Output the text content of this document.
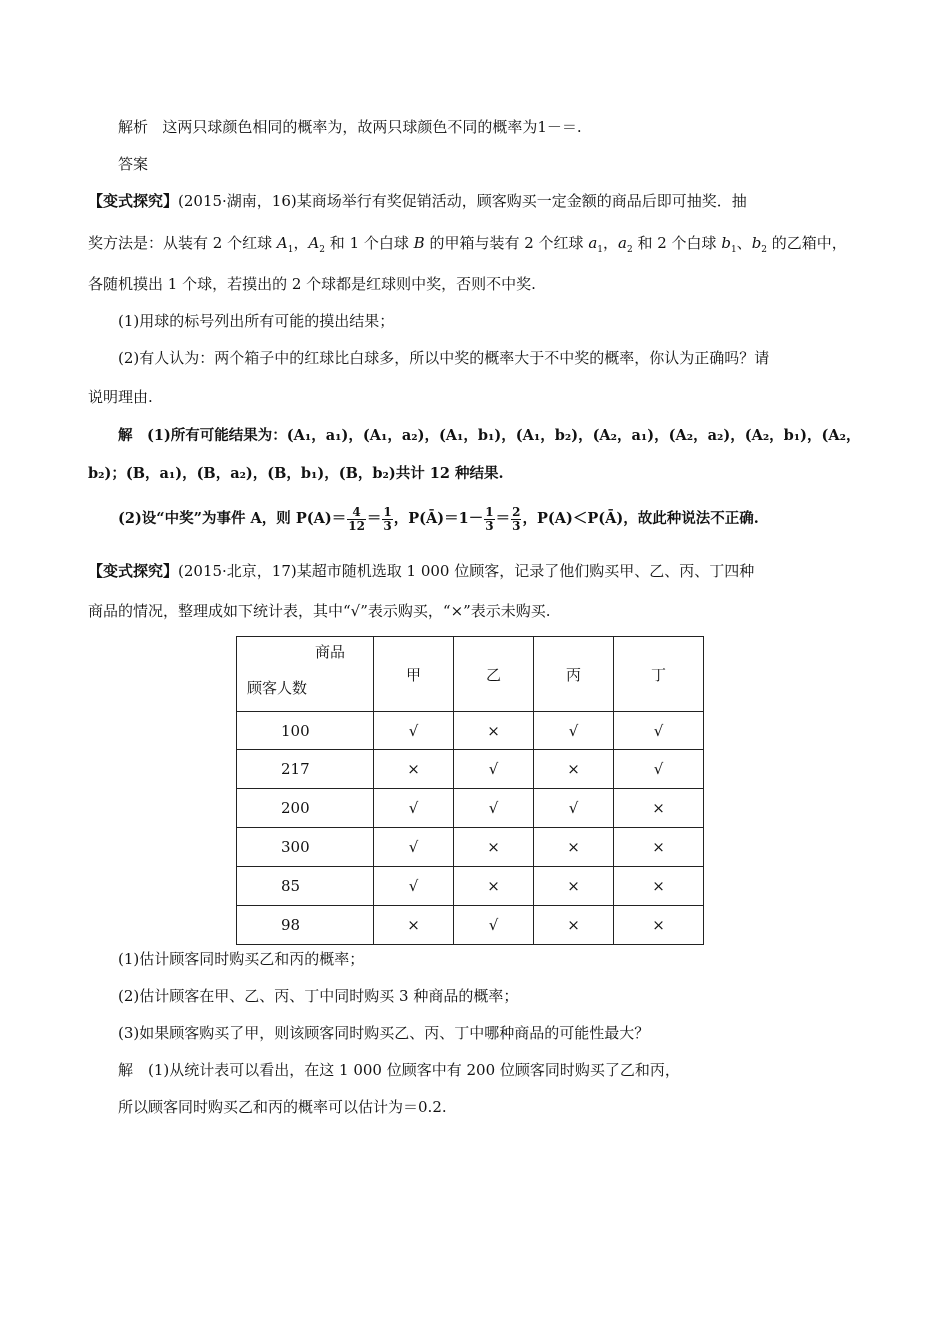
解析 这两只球颜色相同的概率为，故两只球颜色不同的概率为1－＝.
答案
【变式探究】(2015·湖南，16)某商场举行有奖促销活动，顾客购买一定金额的商品后即可抽奖．抽
奖方法是：从装有 2 个红球 $A_1$，$A_2$ 和 1 个白球 B 的甲箱与装有 2 个红球 $a_1$，$a_2$ 和 2 个白球 $b_1$、$b_2$ 的乙箱中，
各随机摸出 1 个球，若摸出的 2 个球都是红球则中奖，否则不中奖.
(1)用球的标号列出所有可能的摸出结果；
(2)有人认为：两个箱子中的红球比白球多，所以中奖的概率大于不中奖的概率，你认为正确吗？请
说明理由.
解　(1)所有可能结果为：(A₁，a₁)，(A₁，a₂)，(A₁，b₁)，(A₁，b₂)，(A₂，a₁)，(A₂，a₂)，(A₂，b₁)，(A₂，
b₂)；(B，a₁)，(B，a₂)，(B，b₁)，(B，b₂)共计 12 种结果.
(2)设“中奖”为事件 A，则 $P(A)= \frac{4}{12} = \frac{1}{3}$ ，P(Ā)＝1－ $\frac{1}{3} = \frac{2}{3}$ ，P(A)＜P(Ā)，故此种说法不正确.
【变式探究】(2015·北京，17)某超市随机选取 1 000 位顾客，记录了他们购买甲、乙、丙、丁四种
商品的情况，整理成如下统计表，其中“√”表示购买，“×”表示未购买.
商品
顾客人数	甲	乙	丙	丁
100	√	×	√	√
217	×	√	×	√
200	√	√	√	×
300	√	×	×	×
85	√	×	×	×
98	×	√	×	×
(1)估计顾客同时购买乙和丙的概率；
(2)估计顾客在甲、乙、丙、丁中同时购买 3 种商品的概率；
(3)如果顾客购买了甲，则该顾客同时购买乙、丙、丁中哪种商品的可能性最大？
解　(1)从统计表可以看出，在这 1 000 位顾客中有 200 位顾客同时购买了乙和丙，
所以顾客同时购买乙和丙的概率可以估计为＝0.2.
